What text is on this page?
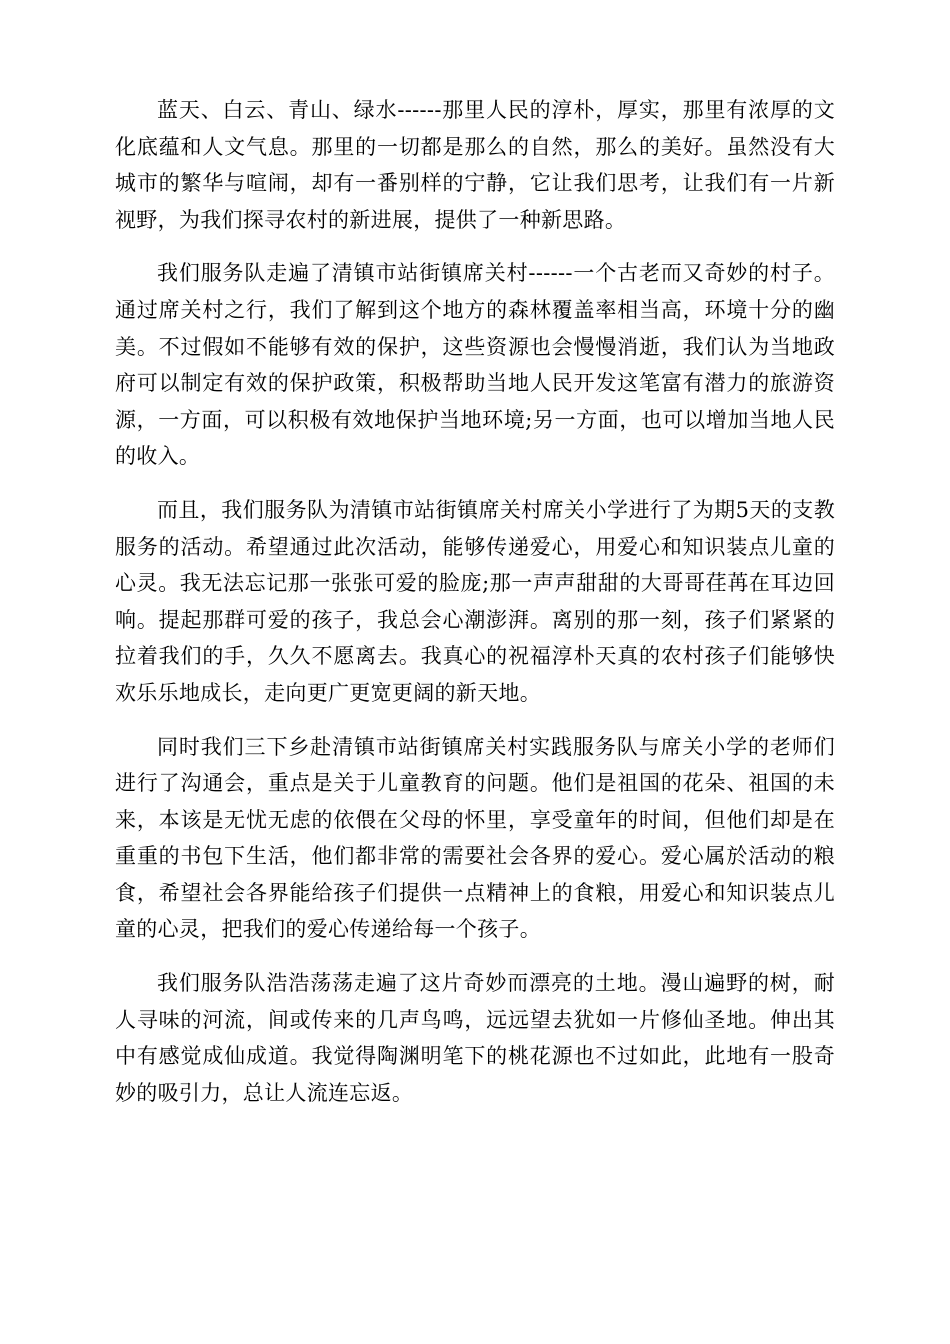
蓝天、白云、青山、绿水------那里人民的淳朴，厚实，那里有浓厚的文化底蕴和人文气息。那里的一切都是那么的自然，那么的美好。虽然没有大城市的繁华与喧闹，却有一番别样的宁静，它让我们思考，让我们有一片新视野，为我们探寻农村的新进展，提供了一种新思路。

我们服务队走遍了清镇市站街镇席关村------一个古老而又奇妙的村子。通过席关村之行，我们了解到这个地方的森林覆盖率相当高，环境十分的幽美。不过假如不能够有效的保护，这些资源也会慢慢消逝，我们认为当地政府可以制定有效的保护政策，积极帮助当地人民开发这笔富有潜力的旅游资源，一方面，可以积极有效地保护当地环境;另一方面，也可以增加当地人民的收入。

而且，我们服务队为清镇市站街镇席关村席关小学进行了为期5天的支教服务的活动。希望通过此次活动，能够传递爱心，用爱心和知识装点儿童的心灵。我无法忘记那一张张可爱的脸庞;那一声声甜甜的大哥哥荏苒在耳边回响。提起那群可爱的孩子，我总会心潮澎湃。离别的那一刻，孩子们紧紧的拉着我们的手，久久不愿离去。我真心的祝福淳朴天真的农村孩子们能够快欢乐乐地成长，走向更广更宽更阔的新天地。

同时我们三下乡赴清镇市站街镇席关村实践服务队与席关小学的老师们进行了沟通会，重点是关于儿童教育的问题。他们是祖国的花朵、祖国的未来，本该是无忧无虑的依偎在父母的怀里，享受童年的时间，但他们却是在重重的书包下生活，他们都非常的需要社会各界的爱心。爱心属於活动的粮食，希望社会各界能给孩子们提供一点精神上的食粮，用爱心和知识装点儿童的心灵，把我们的爱心传递给每一个孩子。

我们服务队浩浩荡荡走遍了这片奇妙而漂亮的土地。漫山遍野的树，耐人寻味的河流，间或传来的几声鸟鸣，远远望去犹如一片修仙圣地。伸出其中有感觉成仙成道。我觉得陶渊明笔下的桃花源也不过如此，此地有一股奇妙的吸引力，总让人流连忘返。
